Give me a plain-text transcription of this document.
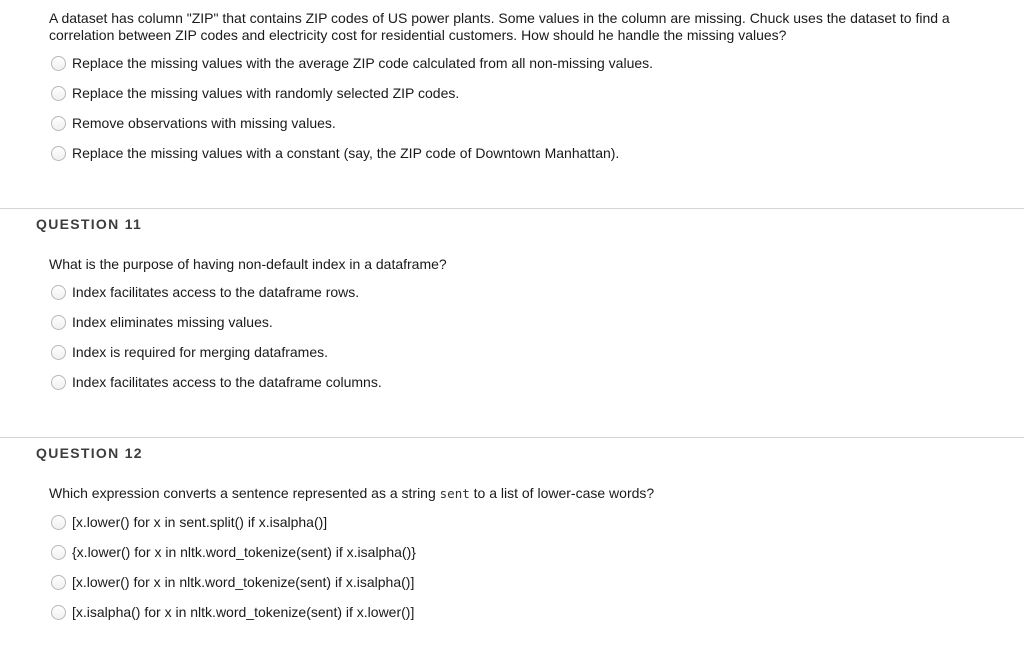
A dataset has column "ZIP" that contains ZIP codes of US power plants. Some values in the column are missing. Chuck uses the dataset to find a correlation between ZIP codes and electricity cost for residential customers. How should he handle the missing values?
Replace the missing values with the average ZIP code calculated from all non-missing values.
Replace the missing values with randomly selected ZIP codes.
Remove observations with missing values.
Replace the missing values with a constant (say, the ZIP code of Downtown Manhattan).
QUESTION 11
What is the purpose of having non-default index in a dataframe?
Index facilitates access to the dataframe rows.
Index eliminates missing values.
Index is required for merging dataframes.
Index facilitates access to the dataframe columns.
QUESTION 12
Which expression converts a sentence represented as a string sent to a list of lower-case words?
[x.lower() for x in sent.split() if x.isalpha()]
{x.lower() for x in nltk.word_tokenize(sent) if x.isalpha()}
[x.lower() for x in nltk.word_tokenize(sent) if x.isalpha()]
[x.isalpha() for x in nltk.word_tokenize(sent) if x.lower()]
